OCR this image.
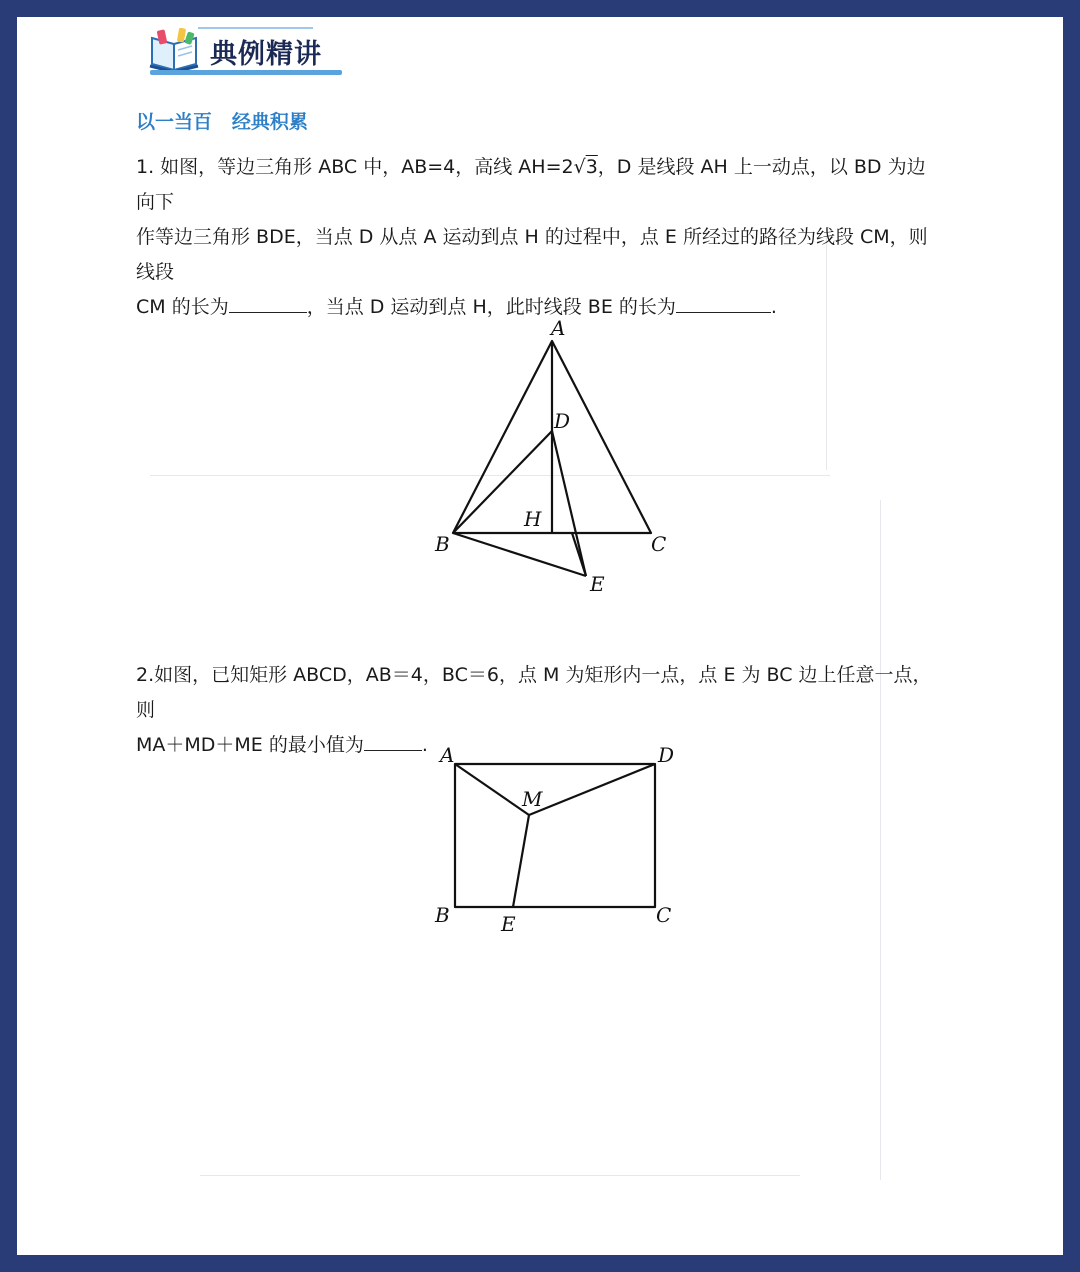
典例精讲
以一当百   经典积累
1. 如图，等边三角形 ABC 中，AB=4，高线 AH=2√3，D 是线段 AH 上一动点，以 BD 为边向下
作等边三角形 BDE，当点 D 从点 A 运动到点 H 的过程中，点 E 所经过的路径为线段 CM，则线段
CM 的长为	，当点 D 运动到点 H，此时线段 BE 的长为	.
A
D
H
B	C
E
2.如图，已知矩形 ABCD，AB＝4，BC＝6，点 M 为矩形内一点，点 E 为 BC 边上任意一点，则
MA＋MD＋ME 的最小值为	. A	D
M
B	E	C
